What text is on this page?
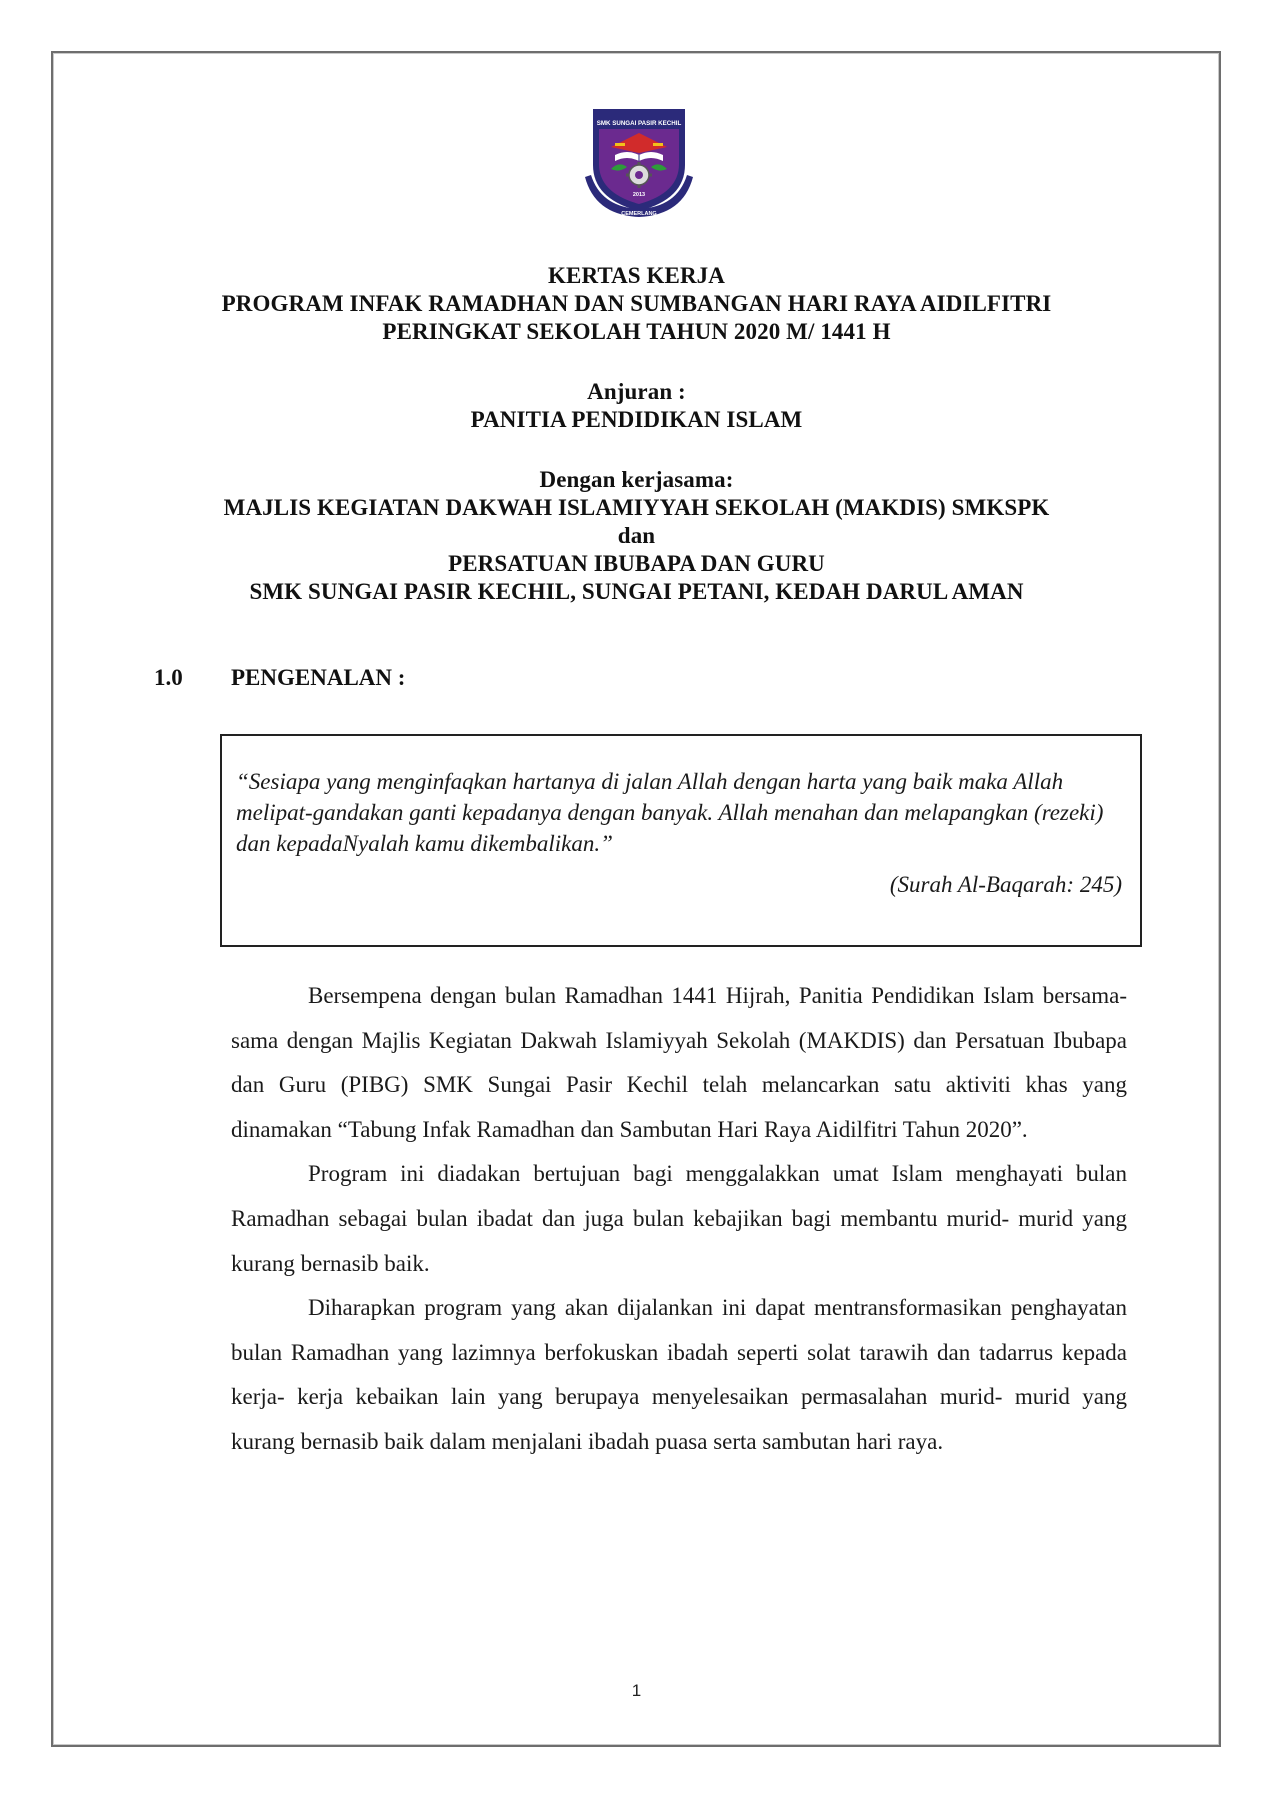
SMK SUNGAI PASIR KECHIL
2013
CEMERLANG
KERTAS KERJA
PROGRAM INFAK RAMADHAN DAN SUMBANGAN HARI RAYA AIDILFITRI
PERINGKAT SEKOLAH TAHUN 2020 M/ 1441 H
Anjuran :
PANITIA PENDIDIKAN ISLAM
Dengan kerjasama:
MAJLIS KEGIATAN DAKWAH ISLAMIYYAH SEKOLAH (MAKDIS) SMKSPK
dan
PERSATUAN IBUBAPA DAN GURU
SMK SUNGAI PASIR KECHIL, SUNGAI PETANI, KEDAH DARUL AMAN
1.0 PENGENALAN :

“Sesiapa yang menginfaqkan hartanya di jalan Allah dengan harta yang baik maka Allah melipat-gandakan ganti kepadanya dengan banyak. Allah menahan dan melapangkan (rezeki) dan kepadaNyalah kamu dikembalikan.”

(Surah Al-Baqarah: 245)

Bersempena dengan bulan Ramadhan 1441 Hijrah, Panitia Pendidikan Islam bersama-sama dengan Majlis Kegiatan Dakwah Islamiyyah Sekolah (MAKDIS) dan Persatuan Ibubapa dan Guru (PIBG) SMK Sungai Pasir Kechil telah melancarkan satu aktiviti khas yang dinamakan “Tabung Infak Ramadhan dan Sambutan Hari Raya Aidilfitri Tahun 2020”.

Program ini diadakan bertujuan bagi menggalakkan umat Islam menghayati bulan Ramadhan sebagai bulan ibadat dan juga bulan kebajikan bagi membantu murid- murid yang kurang bernasib baik.

Diharapkan program yang akan dijalankan ini dapat mentransformasikan penghayatan bulan Ramadhan yang lazimnya berfokuskan ibadah seperti solat tarawih dan tadarrus kepada kerja- kerja kebaikan lain yang berupaya menyelesaikan permasalahan murid- murid yang kurang bernasib baik dalam menjalani ibadah puasa serta sambutan hari raya.

1
